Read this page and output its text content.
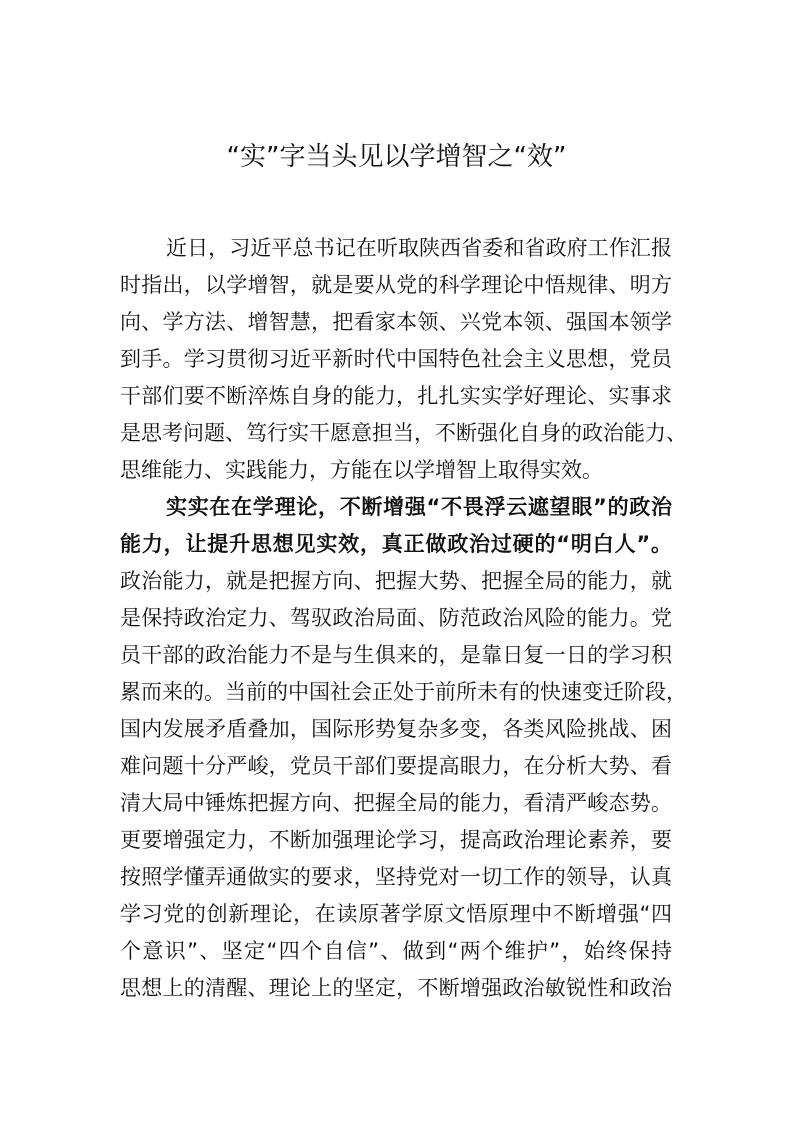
“实”字当头见以学增智之“效”
近日，习近平总书记在听取陕西省委和省政府工作汇报
时指出，以学增智，就是要从党的科学理论中悟规律、明方
向、学方法、增智慧，把看家本领、兴党本领、强国本领学
到手。学习贯彻习近平新时代中国特色社会主义思想，党员
干部们要不断淬炼自身的能力，扎扎实实学好理论、实事求
是思考问题、笃行实干愿意担当，不断强化自身的政治能力、
思维能力、实践能力，方能在以学增智上取得实效。
实实在在学理论，不断增强“不畏浮云遮望眼”的政治
能力，让提升思想见实效，真正做政治过硬的“明白人”。
政治能力，就是把握方向、把握大势、把握全局的能力，就
是保持政治定力、驾驭政治局面、防范政治风险的能力。党
员干部的政治能力不是与生俱来的，是靠日复一日的学习积
累而来的。当前的中国社会正处于前所未有的快速变迁阶段，
国内发展矛盾叠加，国际形势复杂多变，各类风险挑战、困
难问题十分严峻，党员干部们要提高眼力，在分析大势、看
清大局中锤炼把握方向、把握全局的能力，看清严峻态势。
更要增强定力，不断加强理论学习，提高政治理论素养，要
按照学懂弄通做实的要求，坚持党对一切工作的领导，认真
学习党的创新理论，在读原著学原文悟原理中不断增强“四
个意识”、坚定“四个自信”、做到“两个维护”，始终保持
思想上的清醒、理论上的坚定，不断增强政治敏锐性和政治
